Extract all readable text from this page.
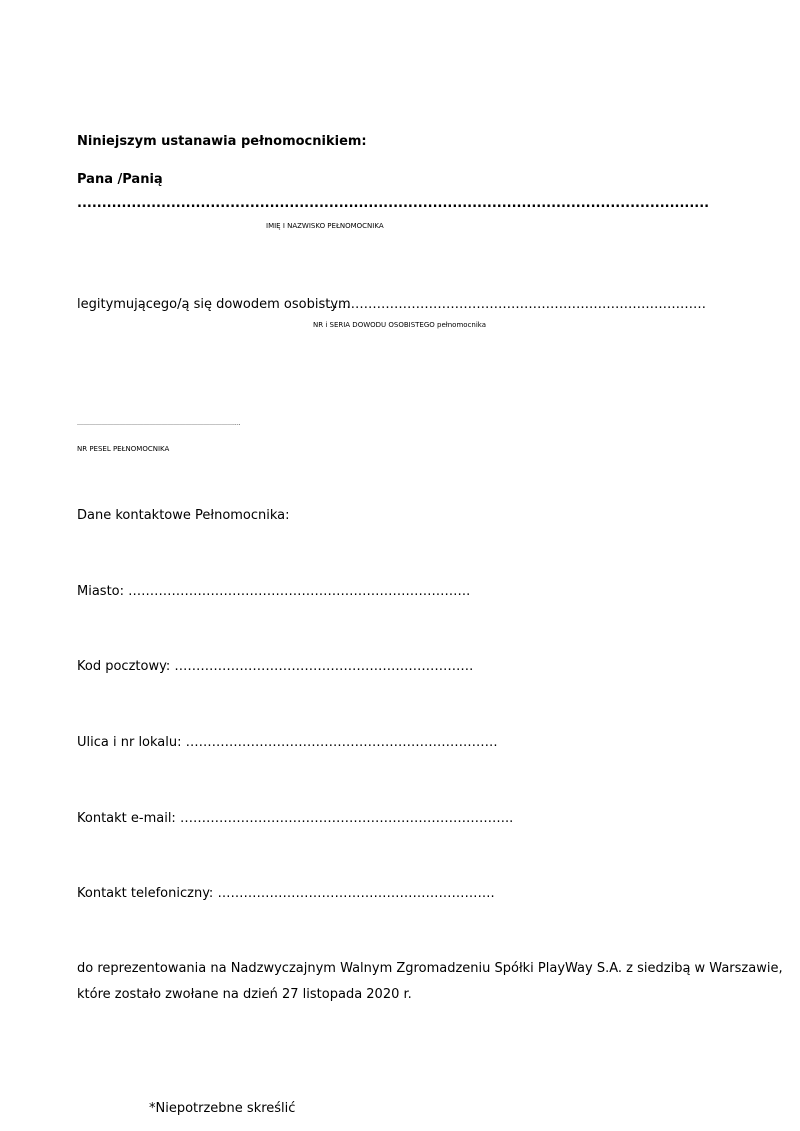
Niniejszym ustanawia pełnomocnikiem:
Pana /Panią
................................................................................................................................
IMIĘ I NAZWISKO PEŁNOMOCNIKA
legitymującego/ą się dowodem osobistym
……………………………………………………………………………
NR i SERIA DOWODU OSOBISTEGO pełnomocnika
……………………………………………………………………....
NR PESEL PEŁNOMOCNIKA
Dane kontaktowe Pełnomocnika:
Miasto: …………………………………………………………………….
Kod pocztowy: ……………………………………………………………
Ulica i nr lokalu: ………………………………………………………………
Kontakt e-mail: …………………………………………………………………..
Kontakt telefoniczny: ……………………………………………………….
do reprezentowania na Nadzwyczajnym Walnym Zgromadzeniu Spółki PlayWay S.A. z siedzibą w Warszawie,
które zostało zwołane na dzień 27 listopada 2020 r.
*Niepotrzebne skreślić
